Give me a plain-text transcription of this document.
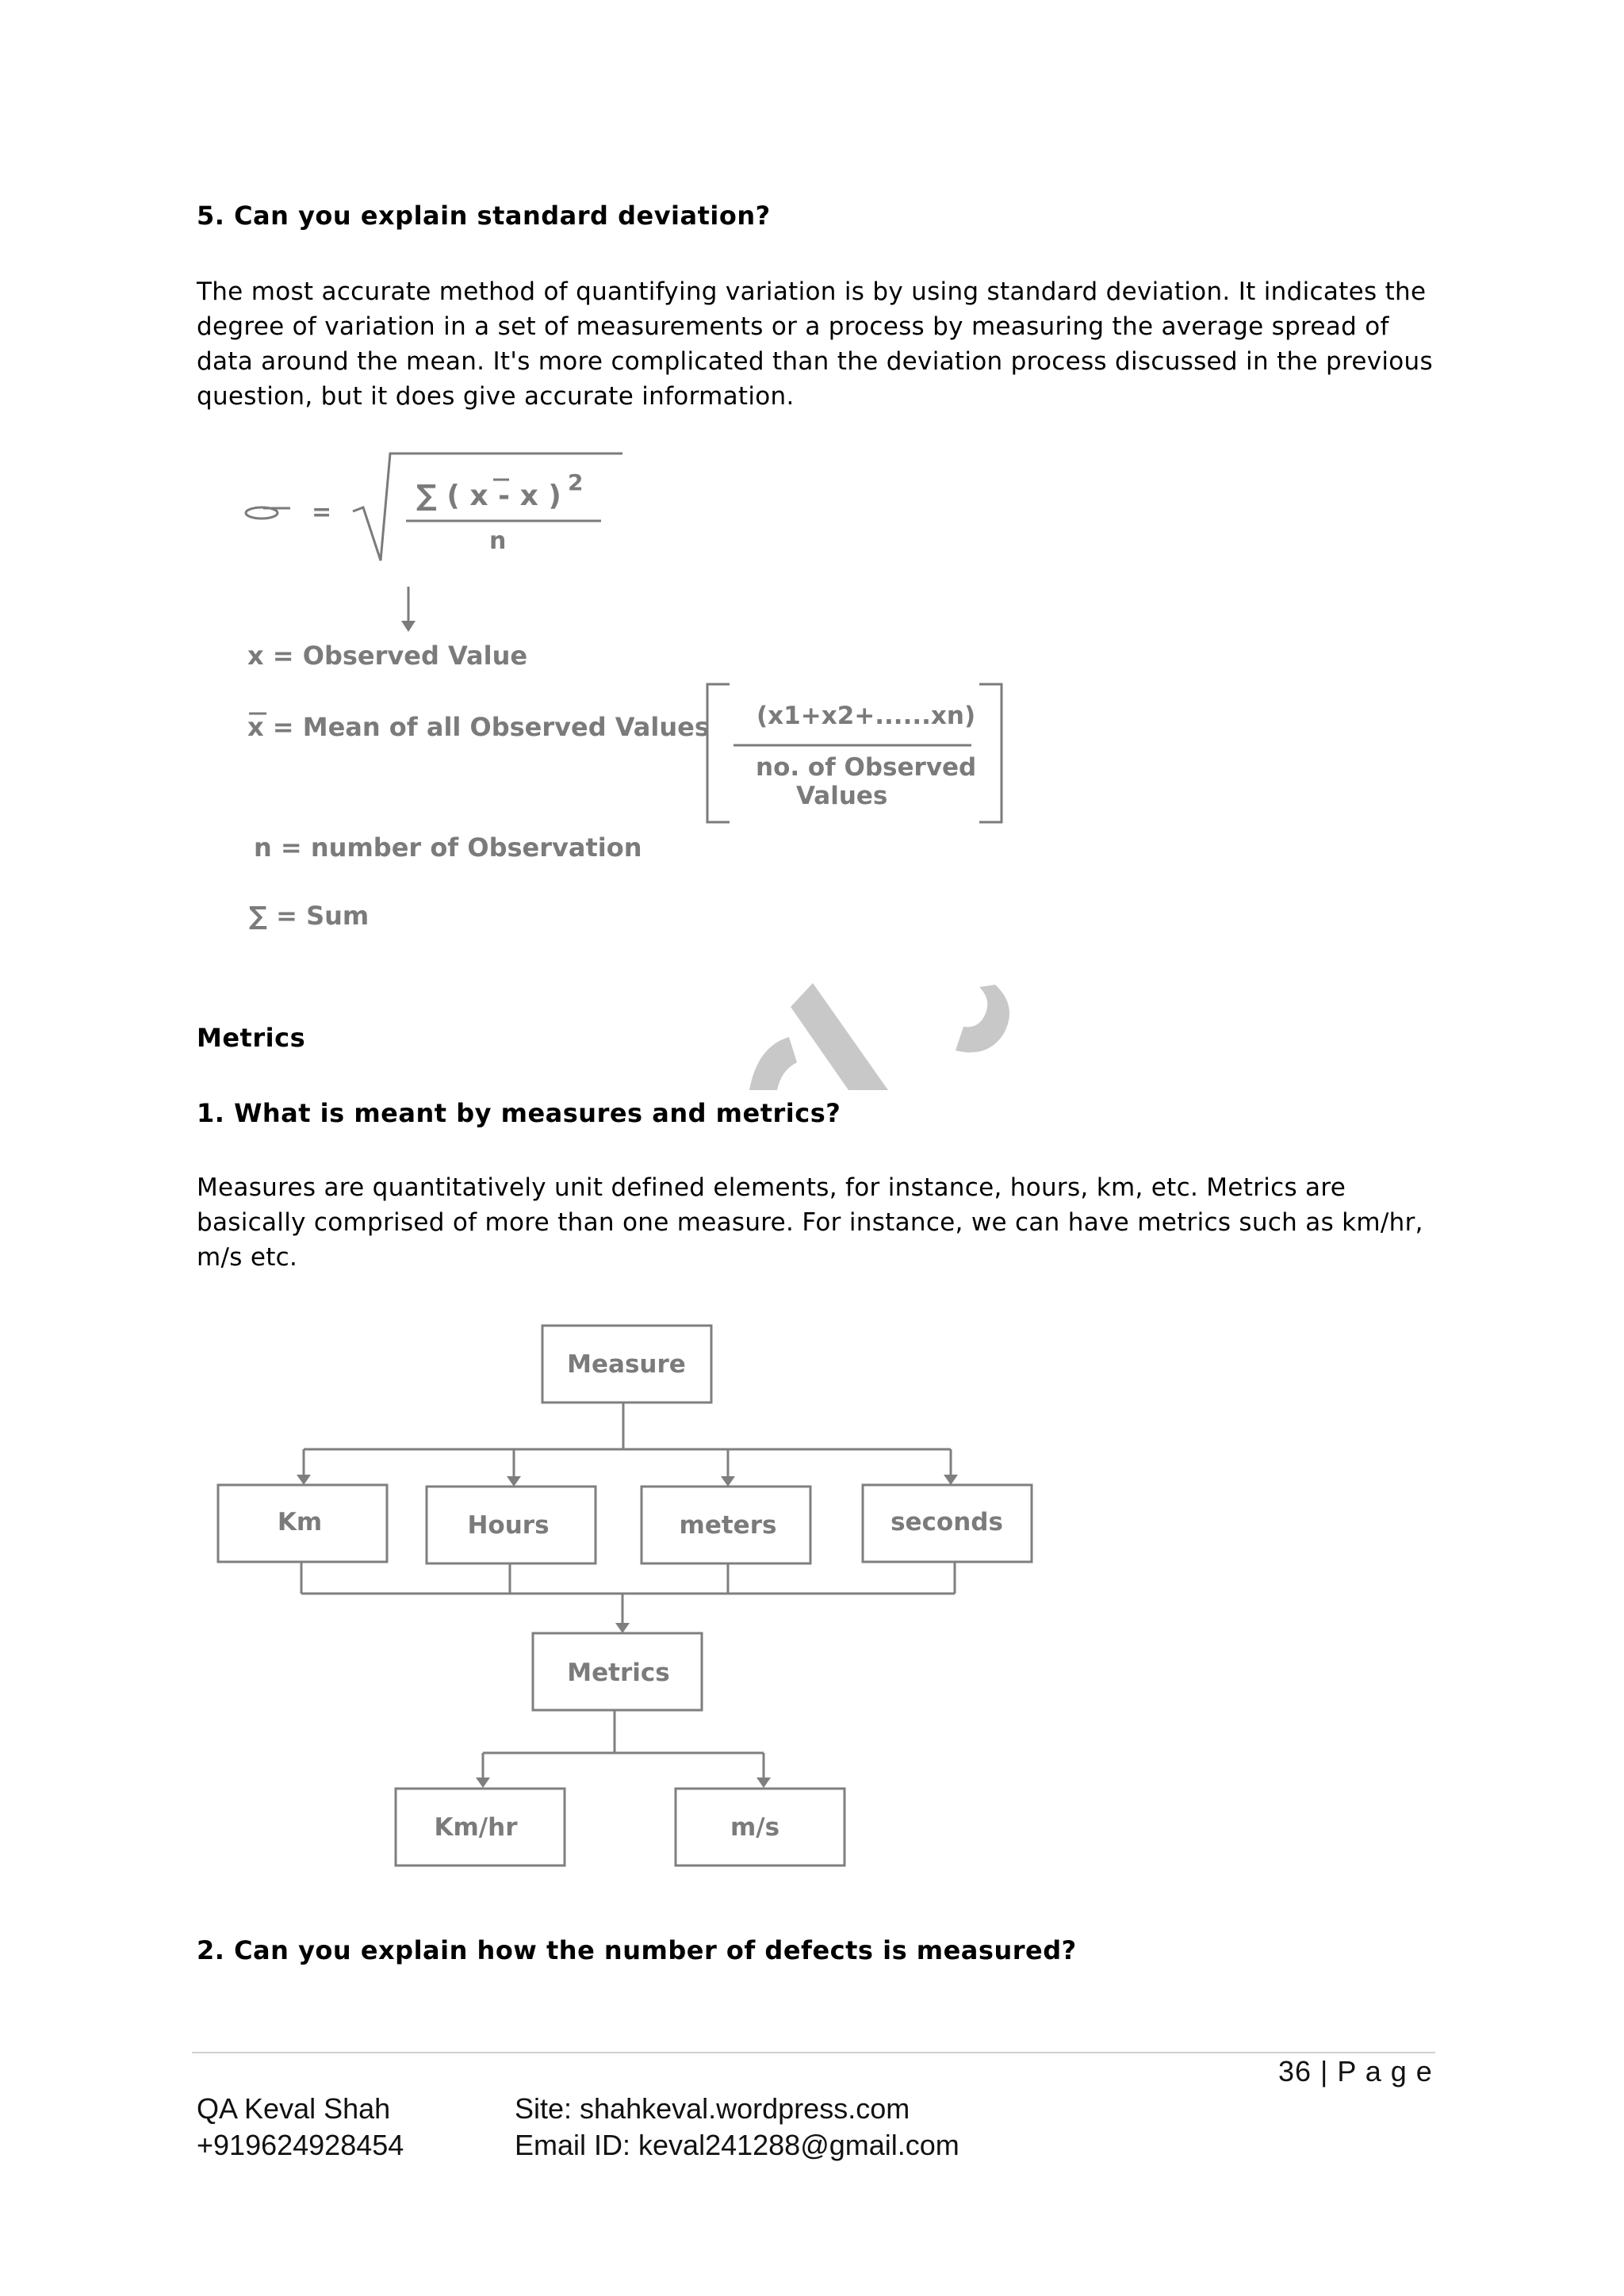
5. Can you explain standard deviation?
The most accurate method of quantifying variation is by using standard deviation. It indicates the
degree of variation in a set of measurements or a process by measuring the average spread of
data around the mean. It's more complicated than the deviation process discussed in the previous
question, but it does give accurate information.
=
∑ ( x - x ) 2
n
x = Observed Value
x = Mean of all Observed Values (x1+x2+......xn)
no. of Observed
Values
n = number of Observation
∑ = Sum
Metrics
1. What is meant by measures and metrics?
Measures are quantitatively unit defined elements, for instance, hours, km, etc. Metrics are
basically comprised of more than one measure. For instance, we can have metrics such as km/hr,
m/s etc.
Measure
Km	Hours	meters	seconds
Metrics
Km/hr	m/s
2. Can you explain how the number of defects is measured?
36 | P a g e
QA Keval Shah
+919624928454
Site: shahkeval.wordpress.com
Email ID: keval241288@gmail.com
